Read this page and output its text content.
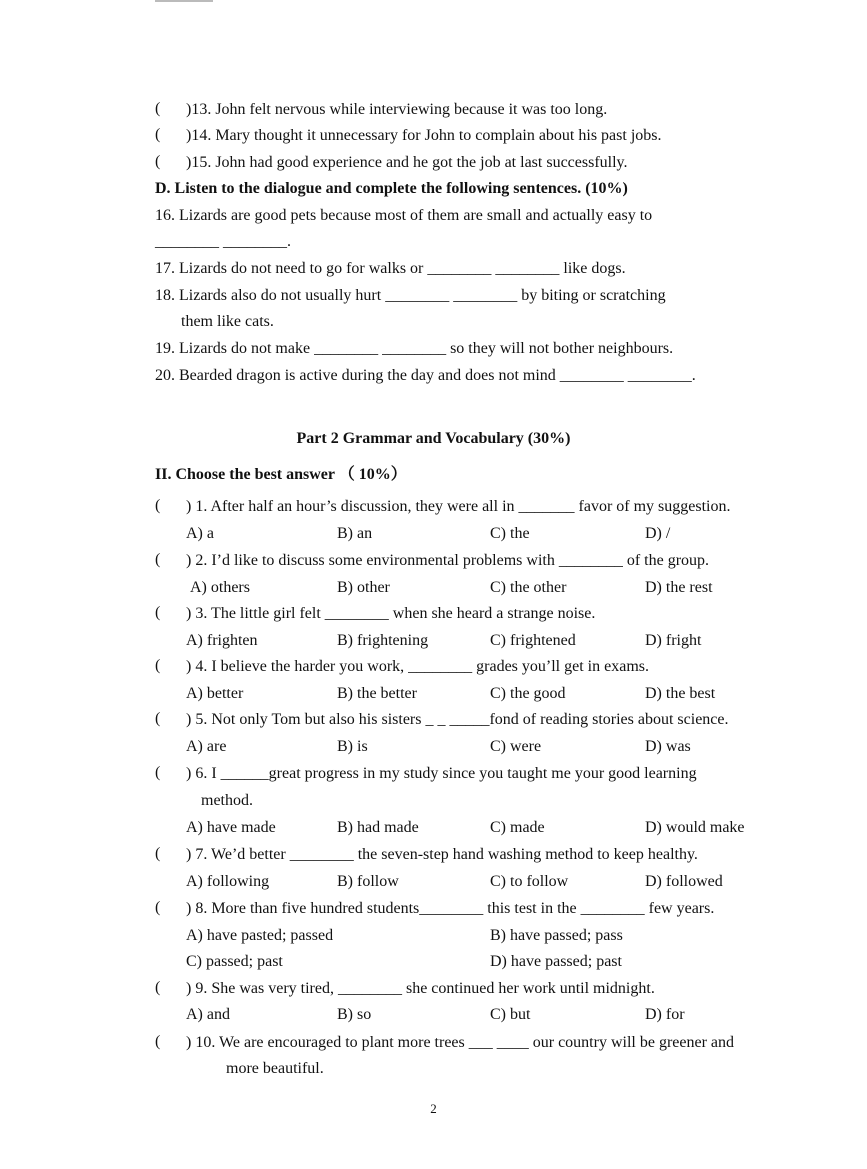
( )13. John felt nervous while interviewing because it was too long.
( )14. Mary thought it unnecessary for John to complain about his past jobs.
( )15. John had good experience and he got the job at last successfully.
D. Listen to the dialogue and complete the following sentences. (10%)
16. Lizards are good pets because most of them are small and actually easy to
________ ________.
17. Lizards do not need to go for walks or ________ ________ like dogs.
18. Lizards also do not usually hurt ________ ________ by biting or scratching
them like cats.
19. Lizards do not make ________ ________ so they will not bother neighbours.
20. Bearded dragon is active during the day and does not mind ________ ________.
Part 2 Grammar and Vocabulary (30%)
II. Choose the best answer （ 10%）
( ) 1. After half an hour’s discussion, they were all in _______ favor of my suggestion.
A) a	B) an	C) the	D) /
( ) 2. I’d like to discuss some environmental problems with ________ of the group.
A) others	B) other	C) the other	D) the rest
( ) 3. The little girl felt ________ when she heard a strange noise.
A) frighten	B) frightening	C) frightened	D) fright
( ) 4. I believe the harder you work, ________ grades you’ll get in exams.
A) better	B) the better	C) the good	D) the best
( ) 5. Not only Tom but also his sisters _ _ _____fond of reading stories about science.
A) are	B) is	C) were	D) was
( ) 6. I ______great progress in my study since you taught me your good learning
method.
A) have made	B) had made	C) made	D) would make
( ) 7. We’d better ________ the seven-step hand washing method to keep healthy.
A) following	B) follow	C) to follow	D) followed
( ) 8. More than five hundred students________ this test in the ________ few years.
A) have pasted; passed	B) have passed; pass
C) passed; past	D) have passed; past
( ) 9. She was very tired, ________ she continued her work until midnight.
A) and	B) so	C) but	D) for
( ) 10. We are encouraged to plant more trees ___ ____ our country will be greener and
more beautiful.
2
